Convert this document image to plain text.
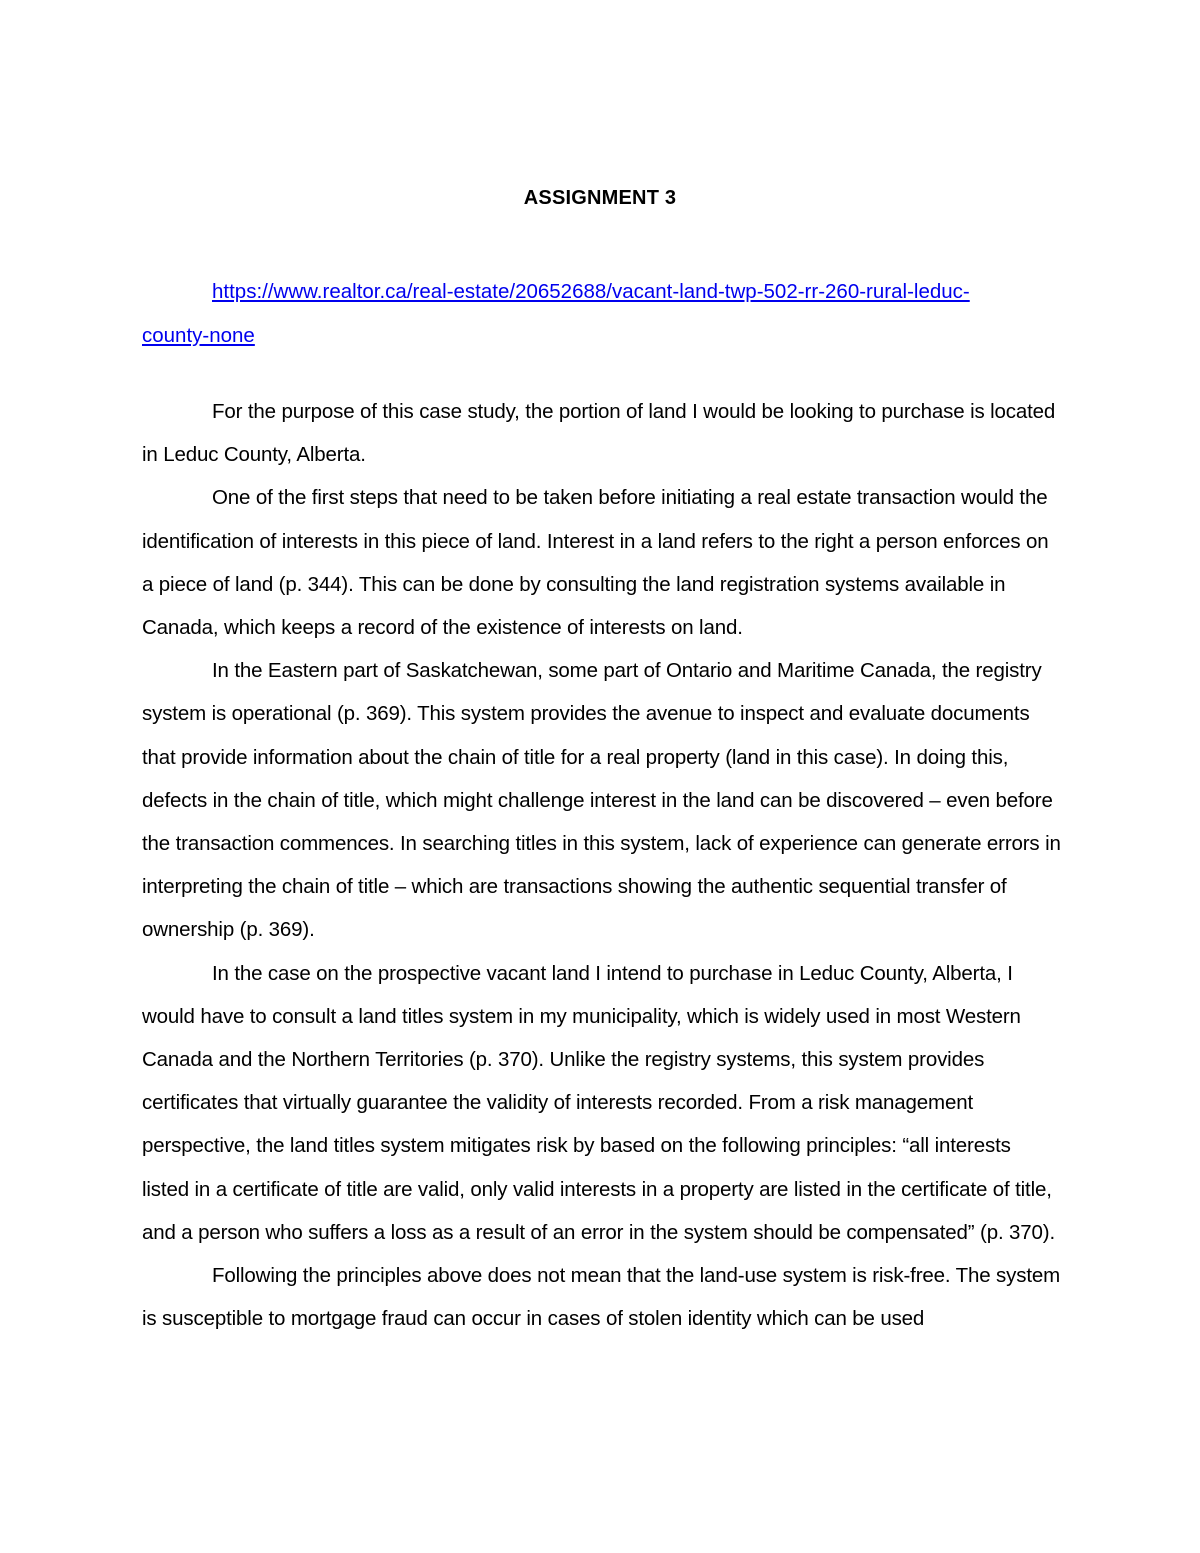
ASSIGNMENT 3
https://www.realtor.ca/real-estate/20652688/vacant-land-twp-502-rr-260-rural-leduc-
county-none

For the purpose of this case study, the portion of land I would be looking to purchase is located in Leduc County, Alberta.

One of the first steps that need to be taken before initiating a real estate transaction would the identification of interests in this piece of land. Interest in a land refers to the right a person enforces on a piece of land (p. 344). This can be done by consulting the land registration systems available in Canada, which keeps a record of the existence of interests on land.

In the Eastern part of Saskatchewan, some part of Ontario and Maritime Canada, the registry system is operational (p. 369). This system provides the avenue to inspect and evaluate documents that provide information about the chain of title for a real property (land in this case). In doing this, defects in the chain of title, which might challenge interest in the land can be discovered – even before the transaction commences. In searching titles in this system, lack of experience can generate errors in interpreting the chain of title – which are transactions showing the authentic sequential transfer of ownership (p. 369).

In the case on the prospective vacant land I intend to purchase in Leduc County, Alberta, I would have to consult a land titles system in my municipality, which is widely used in most Western Canada and the Northern Territories (p. 370). Unlike the registry systems, this system provides certificates that virtually guarantee the validity of interests recorded. From a risk management perspective, the land titles system mitigates risk by based on the following principles: “all interests listed in a certificate of title are valid, only valid interests in a property are listed in the certificate of title, and a person who suffers a loss as a result of an error in the system should be compensated” (p. 370).

Following the principles above does not mean that the land-use system is risk-free. The system is susceptible to mortgage fraud can occur in cases of stolen identity which can be used
